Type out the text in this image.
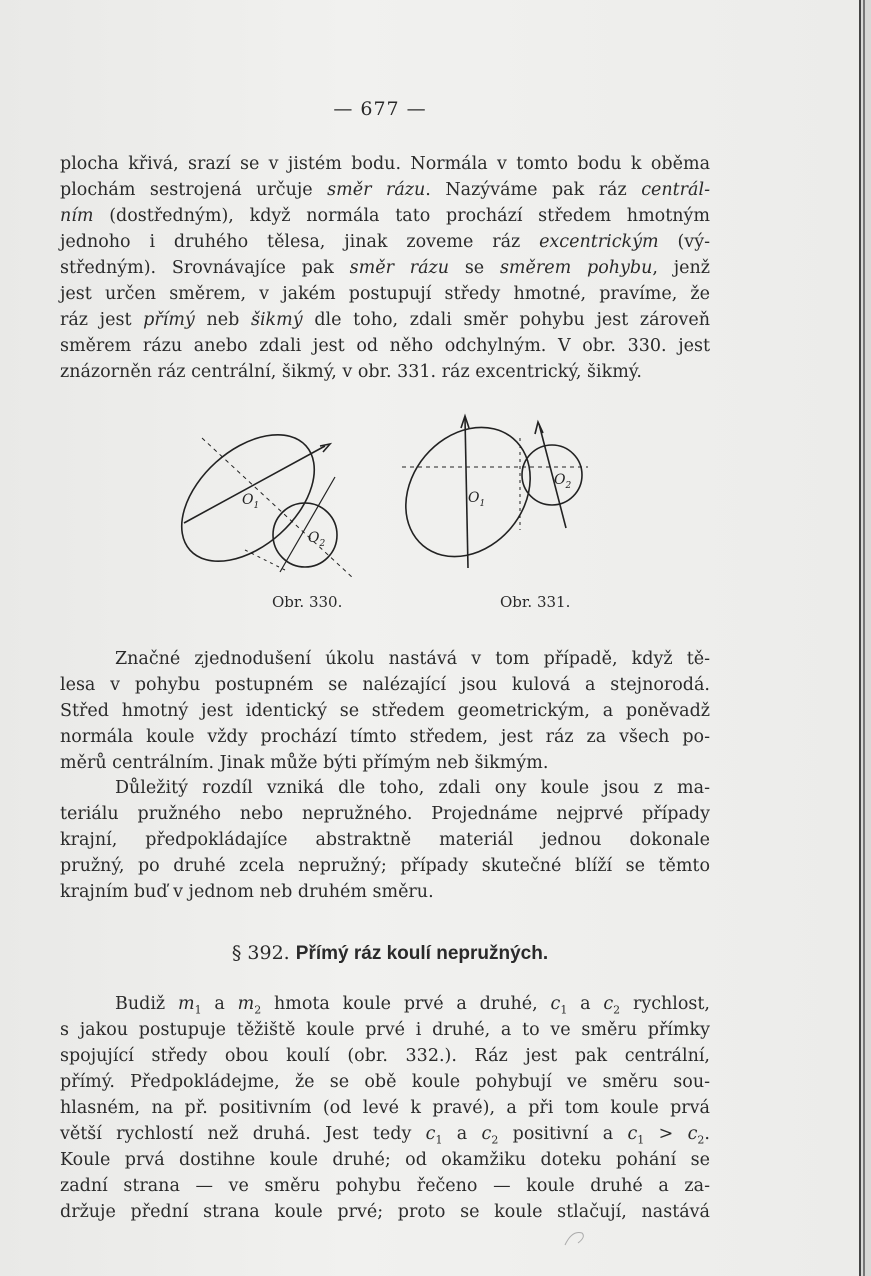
— 677 —
plocha křivá, srazí se v jistém bodu. Normála v tomto bodu k oběma
plochám sestrojená určuje směr rázu. Nazýváme pak ráz centrál-
ním (dostředným), když normála tato prochází středem hmotným
jednoho i druhého tělesa, jinak zoveme ráz excentrickým (vý-
středným). Srovnávajíce pak směr rázu se směrem pohybu, jenž
jest určen směrem, v jakém postupují středy hmotné, pravíme, že
ráz jest přímý neb šikmý dle toho, zdali směr pohybu jest zároveň
směrem rázu anebo zdali jest od něho odchylným. V obr. 330. jest
znázorněn ráz centrální, šikmý, v obr. 331. ráz excentrický, šikmý.
$O_1$
$O_2$
$O_1$
$O_2$
Obr. 330.	Obr. 331.
Značné zjednodušení úkolu nastává v tom případě, když tě-
lesa v pohybu postupném se nalézající jsou kulová a stejnorodá.
Střed hmotný jest identický se středem geometrickým, a poněvadž
normála koule vždy prochází tímto středem, jest ráz za všech po-
měrů centrálním. Jinak může býti přímým neb šikmým.
Důležitý rozdíl vzniká dle toho, zdali ony koule jsou z ma-
teriálu pružného nebo nepružného. Projednáme nejprvé případy
krajní, předpokládajíce abstraktně materiál jednou dokonale
pružný, po druhé zcela nepružný; případy skutečné blíží se těmto
krajním buď v jednom neb druhém směru.
§ 392. Přímý ráz koulí nepružných.
Budiž $m_1$ a $m_2$ hmota koule prvé a druhé, $c_1$ a $c_2$ rychlost,
s jakou postupuje těžiště koule prvé i druhé, a to ve směru přímky
spojující středy obou koulí (obr. 332.). Ráz jest pak centrální,
přímý. Předpokládejme, že se obě koule pohybují ve směru sou-
hlasném, na př. positivním (od levé k pravé), a při tom koule prvá
větší rychlostí než druhá. Jest tedy $c_1$ a $c_2$ positivní a $c_1 > c_2$.
Koule prvá dostihne koule druhé; od okamžiku doteku pohání se
zadní strana — ve směru pohybu řečeno — koule druhé a za-
držuje přední strana koule prvé; proto se koule stlačují, nastává
